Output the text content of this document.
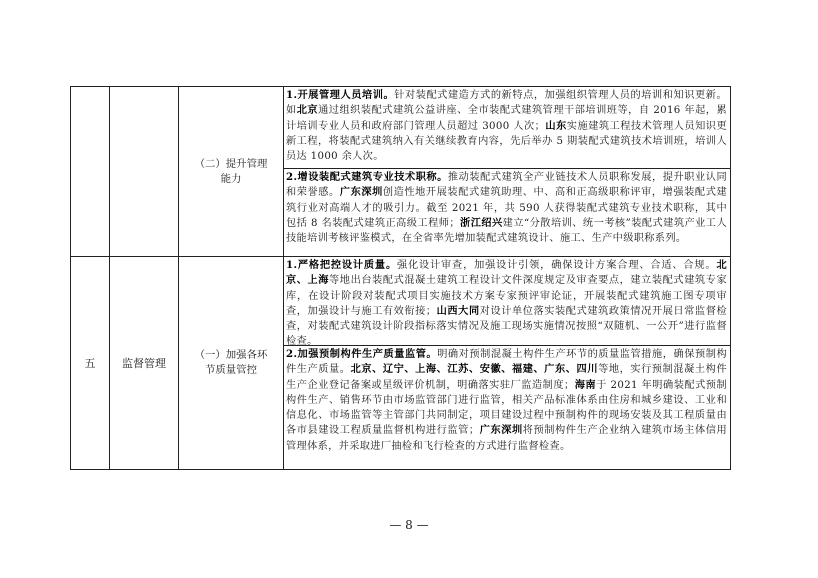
五 监督管理
（二）提升管理能力
（一）加强各环节质量管控
1.开展管理人员培训。针对装配式建造方式的新特点，加强组织管理人员的培训和知识更新。如北京通过组织装配式建筑公益讲座、全市装配式建筑管理干部培训班等，自 2016 年起，累计培训专业人员和政府部门管理人员超过 3000 人次；山东实施建筑工程技术管理人员知识更新工程，将装配式建筑纳入有关继续教育内容，先后举办 5 期装配式建筑技术培训班，培训人员达 1000 余人次。
2.增设装配式建筑专业技术职称。推动装配式建筑全产业链技术人员职称发展，提升职业认同和荣誉感。广东深圳创造性地开展装配式建筑助理、中、高和正高级职称评审，增强装配式建筑行业对高端人才的吸引力。截至 2021 年，共 590 人获得装配式建筑专业技术职称，其中包括 8 名装配式建筑正高级工程师；浙江绍兴建立“分散培训、统一考核”装配式建筑产业工人技能培训考核评鉴模式，在全省率先增加装配式建筑设计、施工、生产中级职称系列。
1.严格把控设计质量。强化设计审查，加强设计引领，确保设计方案合理、合适、合规。北京、上海等地出台装配式混凝土建筑工程设计文件深度规定及审查要点，建立装配式建筑专家库，在设计阶段对装配式项目实施技术方案专家预评审论证，开展装配式建筑施工图专项审查，加强设计与施工有效衔接；山西大同对设计单位落实装配式建筑政策情况开展日常监督检查，对装配式建筑设计阶段指标落实情况及施工现场实施情况按照“双随机、一公开”进行监督检查。
2.加强预制构件生产质量监管。明确对预制混凝土构件生产环节的质量监管措施，确保预制构件生产质量。北京、辽宁、上海、江苏、安徽、福建、广东、四川等地，实行预制混凝土构件生产企业登记备案或星级评价机制，明确落实驻厂监造制度；海南于 2021 年明确装配式预制构件生产、销售环节由市场监管部门进行监管，相关产品标准体系由住房和城乡建设、工业和信息化、市场监管等主管部门共同制定，项目建设过程中预制构件的现场安装及其工程质量由各市县建设工程质量监督机构进行监管；广东深圳将预制构件生产企业纳入建筑市场主体信用管理体系，并采取进厂抽检和飞行检查的方式进行监督检查。
— 8 —
